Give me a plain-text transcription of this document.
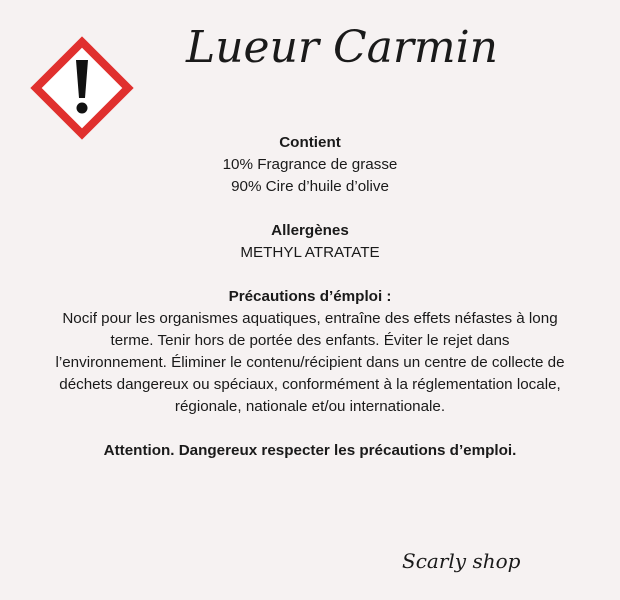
Lueur Carmin
Contient
10% Fragrance de grasse
90% Cire d’huile d’olive
Allergènes
METHYL ATRATATE
Précautions d’émploi :
Nocif pour les organismes aquatiques, entraîne des effets néfastes à long
terme. Tenir hors de portée des enfants. Éviter le rejet dans
l’environnement. Éliminer le contenu/récipient dans un centre de collecte de
déchets dangereux ou spéciaux, conformément à la réglementation locale,
régionale, nationale et/ou internationale.
Attention. Dangereux respecter les précautions d’emploi.
Scarly shop
